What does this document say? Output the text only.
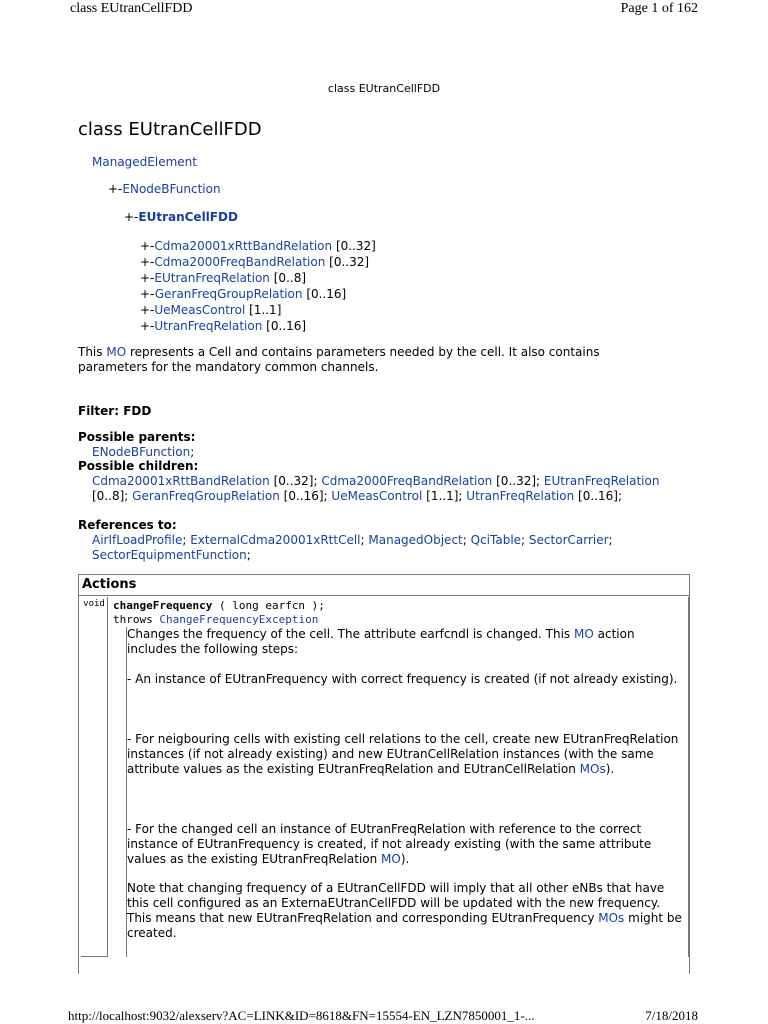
class EUtranCellFDD	Page 1 of 162
class EUtranCellFDD
class EUtranCellFDD
ManagedElement
+-ENodeBFunction
+-EUtranCellFDD
+-Cdma20001xRttBandRelation [0..32]
+-Cdma2000FreqBandRelation [0..32]
+-EUtranFreqRelation [0..8]
+-GeranFreqGroupRelation [0..16]
+-UeMeasControl [1..1]
+-UtranFreqRelation [0..16]

This MO represents a Cell and contains parameters needed by the cell. It also contains parameters for the mandatory common channels.

Filter: FDD
Possible parents:
ENodeBFunction;
Possible children:
Cdma20001xRttBandRelation [0..32]; Cdma2000FreqBandRelation [0..32]; EUtranFreqRelation [0..8]; GeranFreqGroupRelation [0..16]; UeMeasControl [1..1]; UtranFreqRelation [0..16];
References to:
AirIfLoadProfile; ExternalCdma20001xRttCell; ManagedObject; QciTable; SectorCarrier; SectorEquipmentFunction;
Actions
void changeFrequency ( long earfcn );
throws ChangeFrequencyException

Changes the frequency of the cell. The attribute earfcndl is changed. This MO action includes the following steps:

- An instance of EUtranFrequency with correct frequency is created (if not already existing).

- For neigbouring cells with existing cell relations to the cell, create new EUtranFreqRelation instances (if not already existing) and new EUtranCellRelation instances (with the same attribute values as the existing EUtranFreqRelation and EUtranCellRelation MOs).

- For the changed cell an instance of EUtranFreqRelation with reference to the correct instance of EUtranFrequency is created, if not already existing (with the same attribute values as the existing EUtranFreqRelation MO).

Note that changing frequency of a EUtranCellFDD will imply that all other eNBs that have this cell configured as an ExternaEUtranCellFDD will be updated with the new frequency. This means that new EUtranFreqRelation and corresponding EUtranFrequency MOs might be created.

http://localhost:9032/alexserv?AC=LINK&ID=8618&FN=15554-EN_LZN7850001_1-...	7/18/2018
